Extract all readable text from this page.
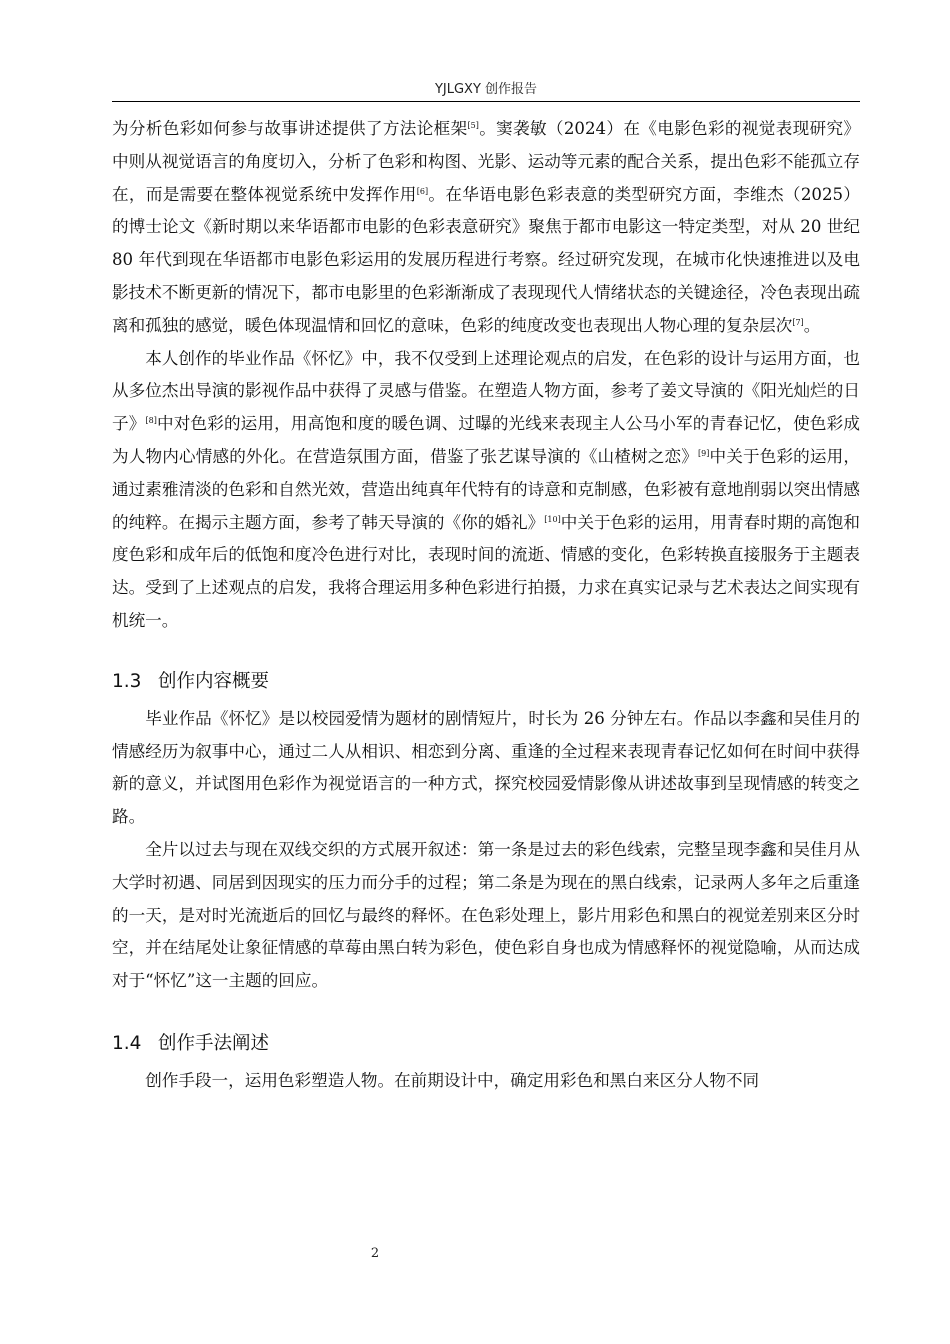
YJLGXY 创作报告

为分析色彩如何参与故事讲述提供了方法论框架[5]。窦袭敏（2024）在《电影色彩的视觉表现研究》中则从视觉语言的角度切入，分析了色彩和构图、光影、运动等元素的配合关系，提出色彩不能孤立存在，而是需要在整体视觉系统中发挥作用[6]。在华语电影色彩表意的类型研究方面，李维杰（2025）的博士论文《新时期以来华语都市电影的色彩表意研究》聚焦于都市电影这一特定类型，对从 20 世纪 80 年代到现在华语都市电影色彩运用的发展历程进行考察。经过研究发现，在城市化快速推进以及电影技术不断更新的情况下，都市电影里的色彩渐渐成了表现现代人情绪状态的关键途径，冷色表现出疏离和孤独的感觉，暖色体现温情和回忆的意味，色彩的纯度改变也表现出人物心理的复杂层次[7]。

本人创作的毕业作品《怀忆》中，我不仅受到上述理论观点的启发，在色彩的设计与运用方面，也从多位杰出导演的影视作品中获得了灵感与借鉴。在塑造人物方面，参考了姜文导演的《阳光灿烂的日子》[8]中对色彩的运用，用高饱和度的暖色调、过曝的光线来表现主人公马小军的青春记忆，使色彩成为人物内心情感的外化。在营造氛围方面，借鉴了张艺谋导演的《山楂树之恋》[9]中关于色彩的运用，通过素雅清淡的色彩和自然光效，营造出纯真年代特有的诗意和克制感，色彩被有意地削弱以突出情感的纯粹。在揭示主题方面，参考了韩天导演的《你的婚礼》[10]中关于色彩的运用，用青春时期的高饱和度色彩和成年后的低饱和度冷色进行对比，表现时间的流逝、情感的变化，色彩转换直接服务于主题表达。受到了上述观点的启发，我将合理运用多种色彩进行拍摄，力求在真实记录与艺术表达之间实现有机统一。

1.3 创作内容概要

毕业作品《怀忆》是以校园爱情为题材的剧情短片，时长为 26 分钟左右。作品以李鑫和吴佳月的情感经历为叙事中心，通过二人从相识、相恋到分离、重逢的全过程来表现青春记忆如何在时间中获得新的意义，并试图用色彩作为视觉语言的一种方式，探究校园爱情影像从讲述故事到呈现情感的转变之路。

全片以过去与现在双线交织的方式展开叙述：第一条是过去的彩色线索，完整呈现李鑫和吴佳月从大学时初遇、同居到因现实的压力而分手的过程；第二条是为现在的黑白线索，记录两人多年之后重逢的一天，是对时光流逝后的回忆与最终的释怀。在色彩处理上，影片用彩色和黑白的视觉差别来区分时空，并在结尾处让象征情感的草莓由黑白转为彩色，使色彩自身也成为情感释怀的视觉隐喻，从而达成对于“怀忆”这一主题的回应。

1.4 创作手法阐述

创作手段一，运用色彩塑造人物。在前期设计中，确定用彩色和黑白来区分人物不同

2
